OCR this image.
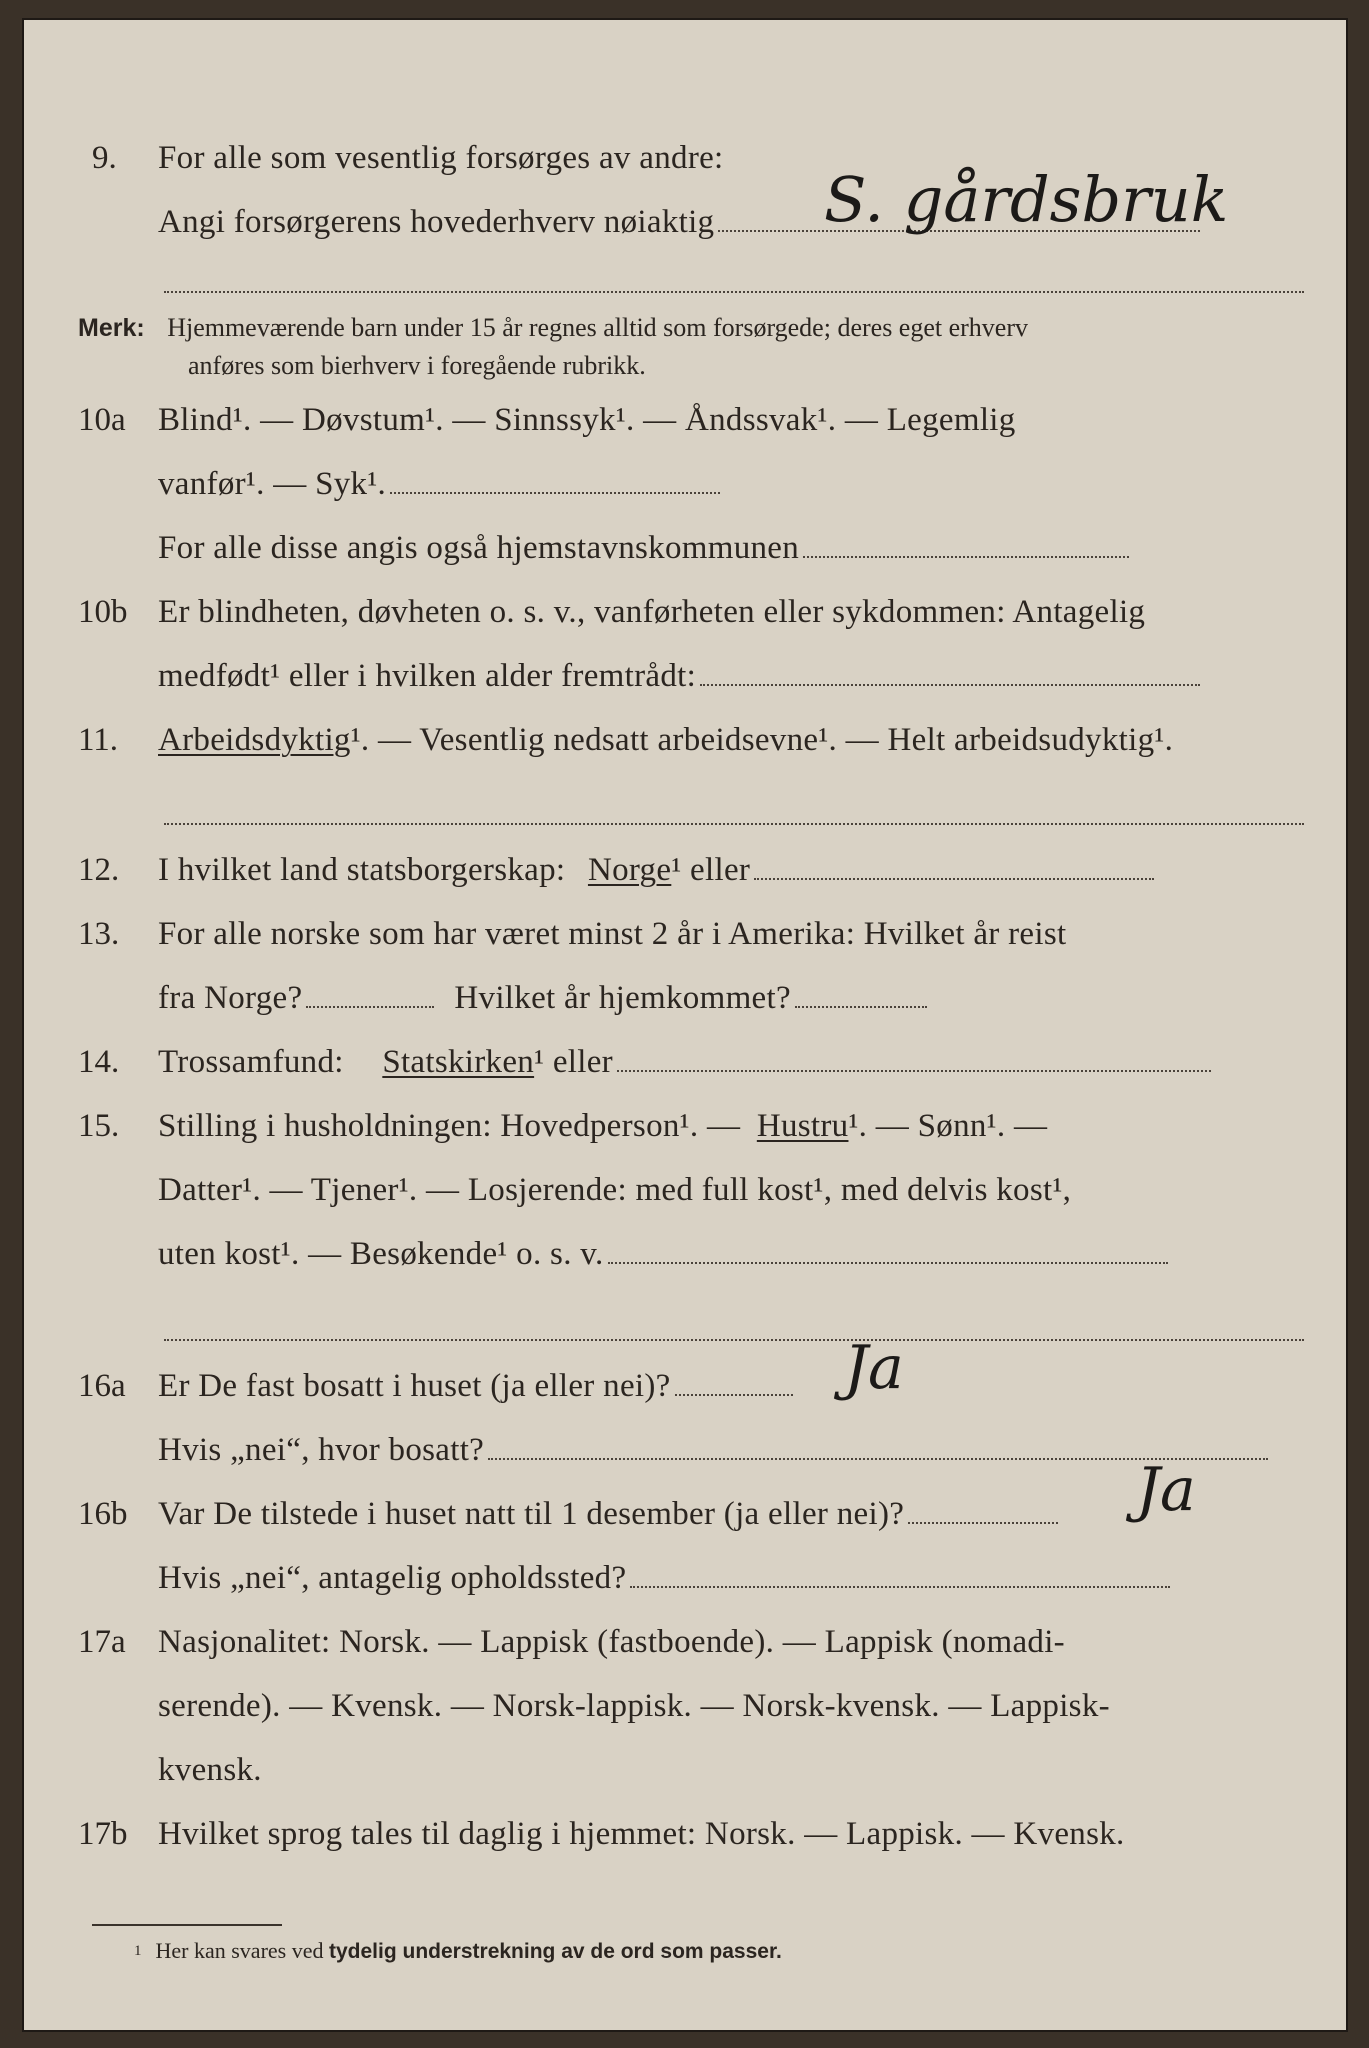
9. For alle som vesentlig forsørges av andre:
Angi forsørgerens hovederhverv nøiaktig	S. gårdsbruk
Merk: Hjemmeværende barn under 15 år regnes alltid som forsørgede; deres eget erhverv
anføres som bierhverv i foregående rubrikk.
10a Blind¹. — Døvstum¹. — Sinnssyk¹. — Åndssvak¹. — Legemlig
vanfør¹. — Syk¹.
For alle disse angis også hjemstavnskommunen
10b Er blindheten, døvheten o. s. v., vanførheten eller sykdommen: Antagelig
medfødt¹ eller i hvilken alder fremtrådt:
11. Arbeidsdyktig¹. — Vesentlig nedsatt arbeidsevne¹. — Helt arbeidsudyktig¹.
12. I hvilket land statsborgerskap: Norge¹ eller
13. For alle norske som har været minst 2 år i Amerika: Hvilket år reist
fra Norge?	Hvilket år hjemkommet?
14. Trossamfund: Statskirken¹ eller
15. Stilling i husholdningen: Hovedperson¹. — Hustru¹. — Sønn¹. —
Datter¹. — Tjener¹. — Losjerende: med full kost¹, med delvis kost¹,
uten kost¹. — Besøkende¹ o. s. v.
16a Er De fast bosatt i huset (ja eller nei)?	Ja
Hvis „nei“, hvor bosatt?
16b Var De tilstede i huset natt til 1 desember (ja eller nei)?	Ja
Hvis „nei“, antagelig opholdssted?
17a Nasjonalitet: Norsk. — Lappisk (fastboende). — Lappisk (nomadi-
serende). — Kvensk. — Norsk-lappisk. — Norsk-kvensk. — Lappisk-
kvensk.
17b Hvilket sprog tales til daglig i hjemmet: Norsk. — Lappisk. — Kvensk.
$^1$ Her kan svares ved tydelig understrekning av de ord som passer.
